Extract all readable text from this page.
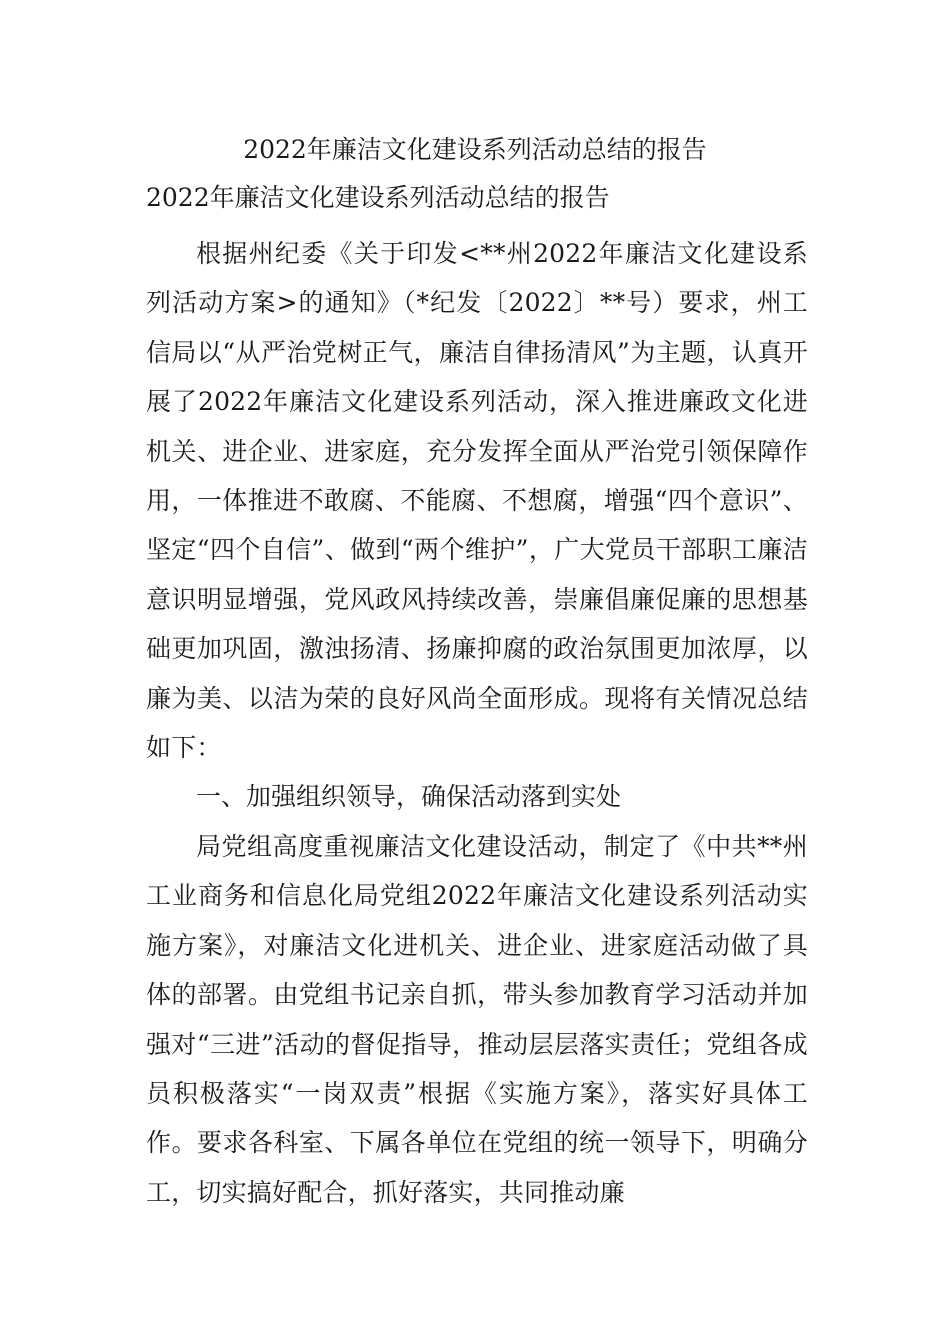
2022年廉洁文化建设系列活动总结的报告
2022年廉洁文化建设系列活动总结的报告

根据州纪委《关于印发<**州2022年廉洁文化建设系列活动方案>的通知》（*纪发〔2022〕**号）要求，州工信局以“从严治党树正气，廉洁自律扬清风”为主题，认真开展了2022年廉洁文化建设系列活动，深入推进廉政文化进机关、进企业、进家庭，充分发挥全面从严治党引领保障作用，一体推进不敢腐、不能腐、不想腐，增强“四个意识”、坚定“四个自信”、做到“两个维护”，广大党员干部职工廉洁意识明显增强，党风政风持续改善，崇廉倡廉促廉的思想基础更加巩固，激浊扬清、扬廉抑腐的政治氛围更加浓厚，以廉为美、以洁为荣的良好风尚全面形成。现将有关情况总结如下：

一、加强组织领导，确保活动落到实处

局党组高度重视廉洁文化建设活动，制定了《中共**州工业商务和信息化局党组2022年廉洁文化建设系列活动实施方案》，对廉洁文化进机关、进企业、进家庭活动做了具体的部署。由党组书记亲自抓，带头参加教育学习活动并加强对“三进”活动的督促指导，推动层层落实责任；党组各成员积极落实“一岗双责”根据《实施方案》，落实好具体工作。要求各科室、下属各单位在党组的统一领导下，明确分工，切实搞好配合，抓好落实，共同推动廉
